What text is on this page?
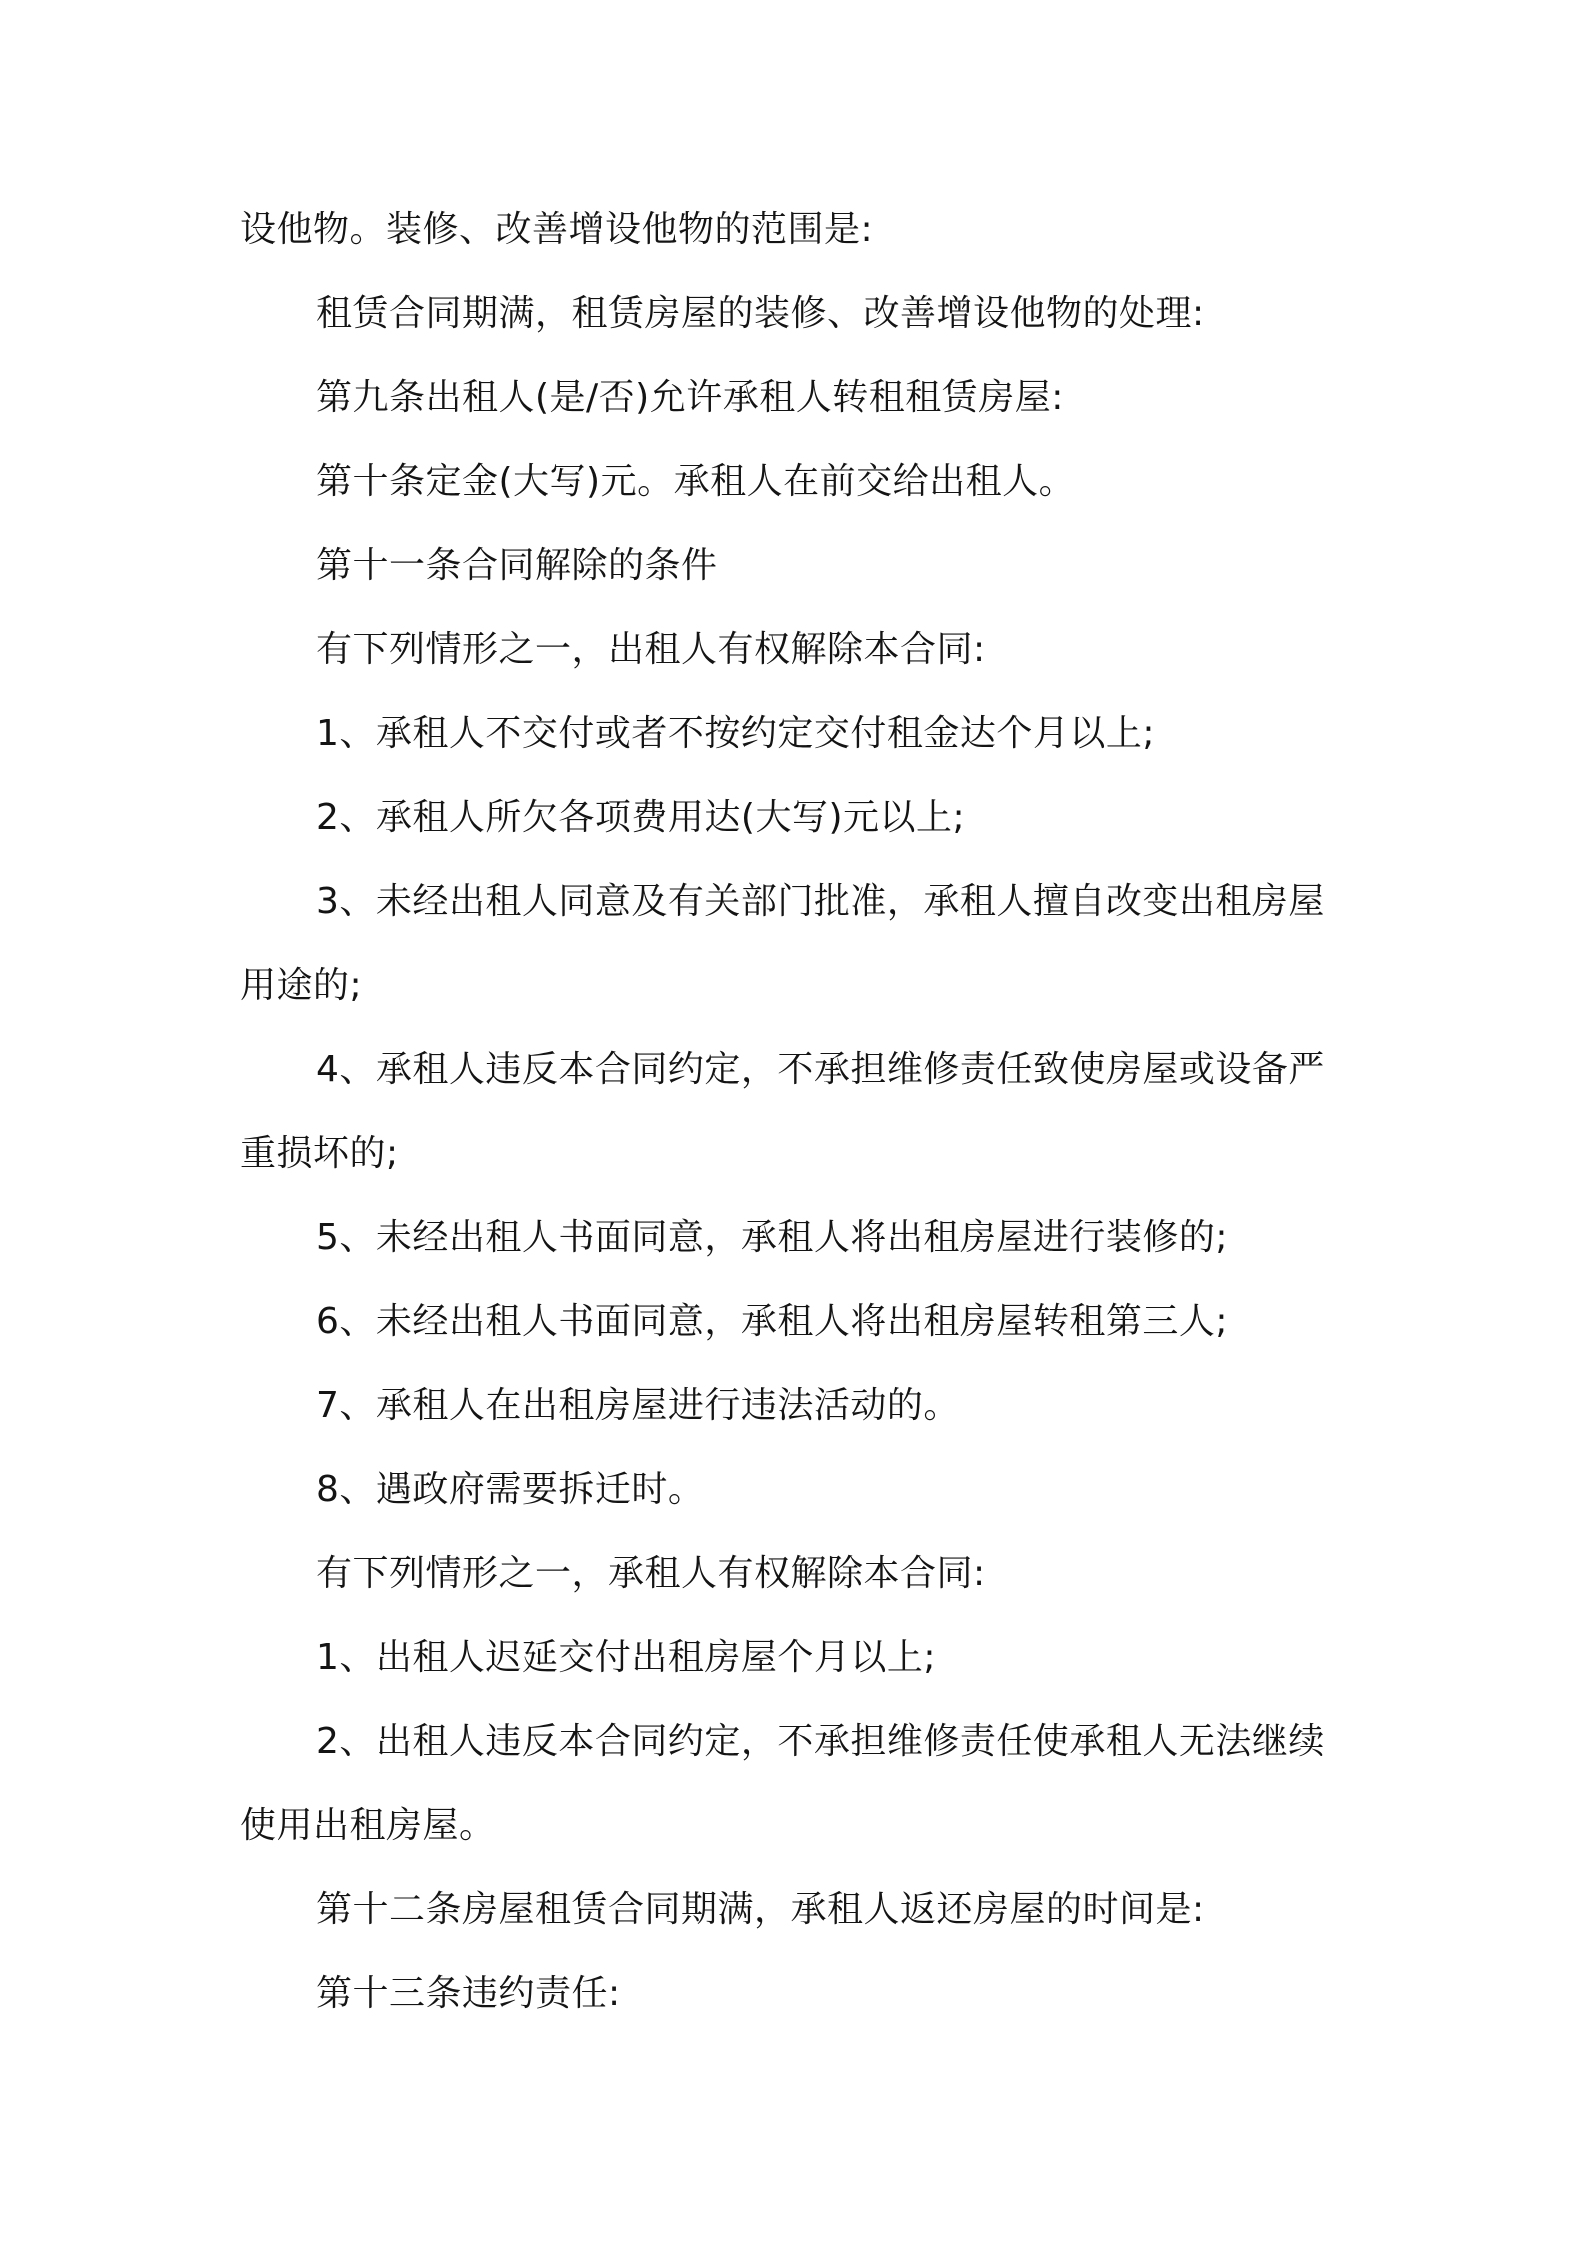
设他物。装修、改善增设他物的范围是:
租赁合同期满，租赁房屋的装修、改善增设他物的处理:
第九条出租人(是/否)允许承租人转租租赁房屋:
第十条定金(大写)元。承租人在前交给出租人。
第十一条合同解除的条件
有下列情形之一，出租人有权解除本合同:
1、承租人不交付或者不按约定交付租金达个月以上;
2、承租人所欠各项费用达(大写)元以上;
3、未经出租人同意及有关部门批准，承租人擅自改变出租房屋
用途的;
4、承租人违反本合同约定，不承担维修责任致使房屋或设备严
重损坏的;
5、未经出租人书面同意，承租人将出租房屋进行装修的;
6、未经出租人书面同意，承租人将出租房屋转租第三人;
7、承租人在出租房屋进行违法活动的。
8、遇政府需要拆迁时。
有下列情形之一，承租人有权解除本合同:
1、出租人迟延交付出租房屋个月以上;
2、出租人违反本合同约定，不承担维修责任使承租人无法继续
使用出租房屋。
第十二条房屋租赁合同期满，承租人返还房屋的时间是:
第十三条违约责任:
